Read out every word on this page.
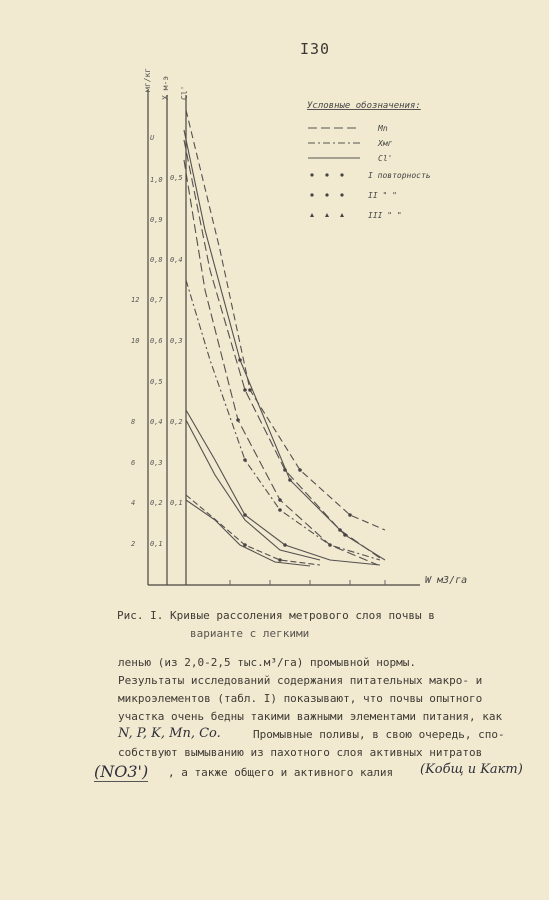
I30
мг/кг Х м-э Cl'
W м3/га
U
1,0
0,9
0,8
0,7
0,6
0,5
0,4
0,3
0,2
0,1
0,5
0,4
0,3
0,2
0,1
12
10
8
6
4
2
Условные обозначения:
Мn
Хмг
Cl'
I повторность
II " "
III " "
Рис. I. Кривые рассоления метрового слоя почвы в
варианте с легкими
ленью (из 2,0-2,5 тыс.м³/га) промывной нормы.
Результаты исследований содержания питательных макро- и
микроэлементов (табл. I) показывают, что почвы опытного
участка очень бедны такими важными элементами питания, как
N, P, K, Mn, Co.	Промывные поливы, в свою очередь, спо-
собствуют вымыванию из пахотного слоя активных нитратов
(NO3') , а также общего и активного калия (Kобщ и Kакт)
